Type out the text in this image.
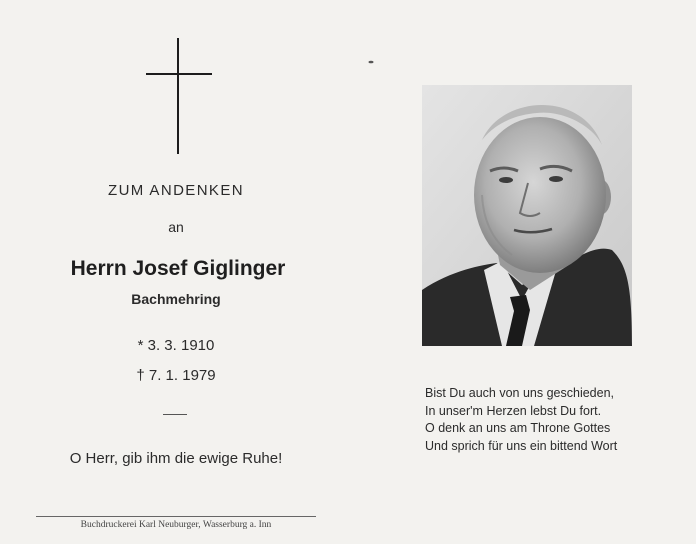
ZUM ANDENKEN
an
Herrn Josef Giglinger
Bachmehring
* 3. 3. 1910
† 7. 1. 1979
O Herr, gib ihm die ewige Ruhe!
Buchdruckerei Karl Neuburger, Wasserburg a. Inn
Bist Du auch von uns geschieden,
In unser'm Herzen lebst Du fort.
O denk an uns am Throne Gottes
Und sprich für uns ein bittend Wort
